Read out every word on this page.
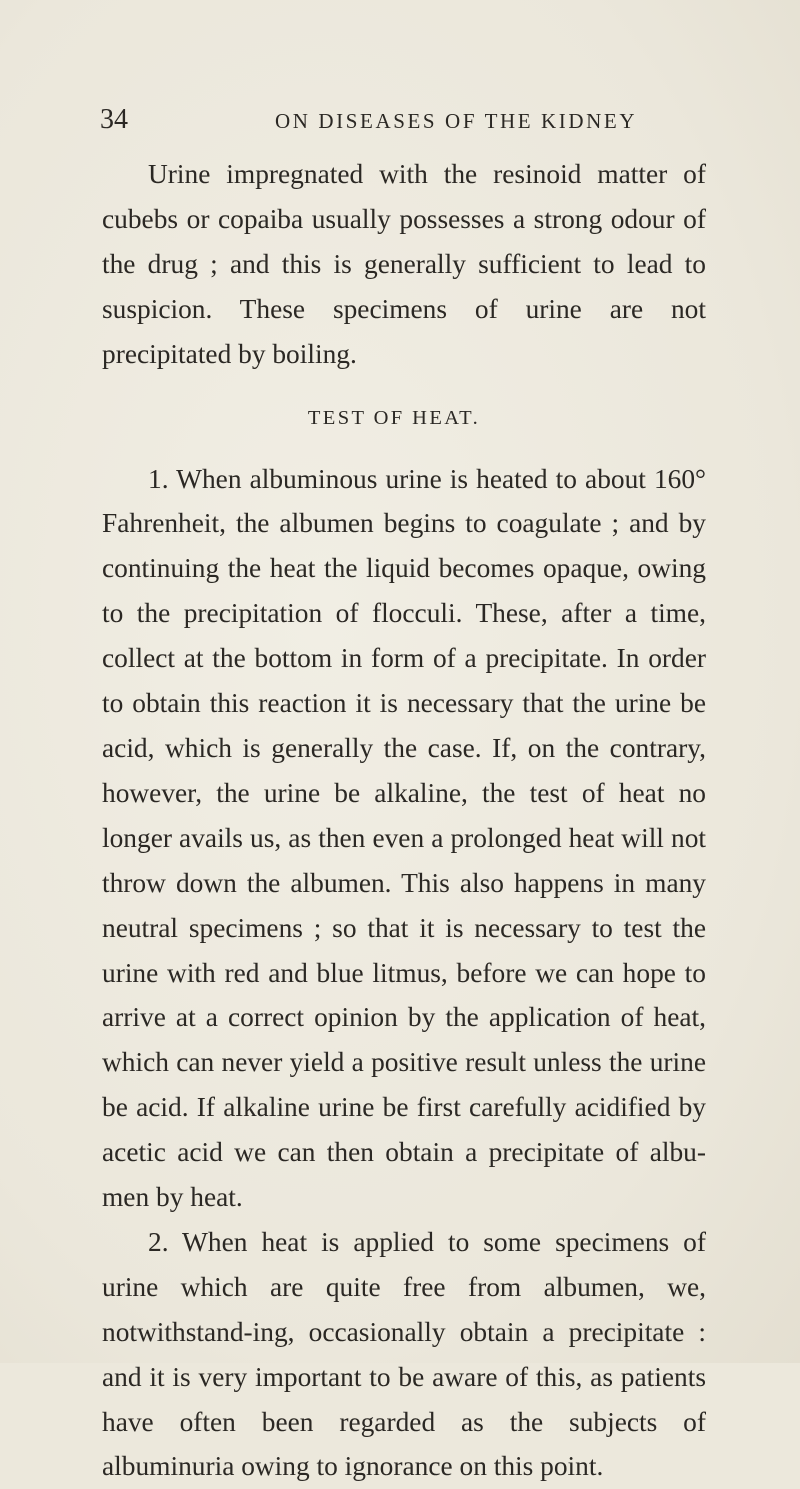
34	ON DISEASES OF THE KIDNEY

Urine impregnated with the resinoid matter of cubebs or copaiba usually possesses a strong odour of the drug ; and this is generally sufficient to lead to suspicion. These specimens of urine are not precipitated by boiling.

TEST OF HEAT.

1. When albuminous urine is heated to about 160° Fahrenheit, the albumen begins to coagulate ; and by continuing the heat the liquid becomes opaque, owing to the precipitation of flocculi. These, after a time, collect at the bottom in form of a precipitate. In order to obtain this reaction it is necessary that the urine be acid, which is generally the case. If, on the contrary, however, the urine be alkaline, the test of heat no longer avails us, as then even a prolonged heat will not throw down the albumen. This also happens in many neutral specimens ; so that it is necessary to test the urine with red and blue litmus, before we can hope to arrive at a correct opinion by the application of heat, which can never yield a positive result unless the urine be acid. If alkaline urine be first carefully acidified by acetic acid we can then obtain a precipitate of albu-men by heat.

2. When heat is applied to some specimens of urine which are quite free from albumen, we, notwithstand-ing, occasionally obtain a precipitate : and it is very important to be aware of this, as patients have often been regarded as the subjects of albuminuria owing to ignorance on this point.
